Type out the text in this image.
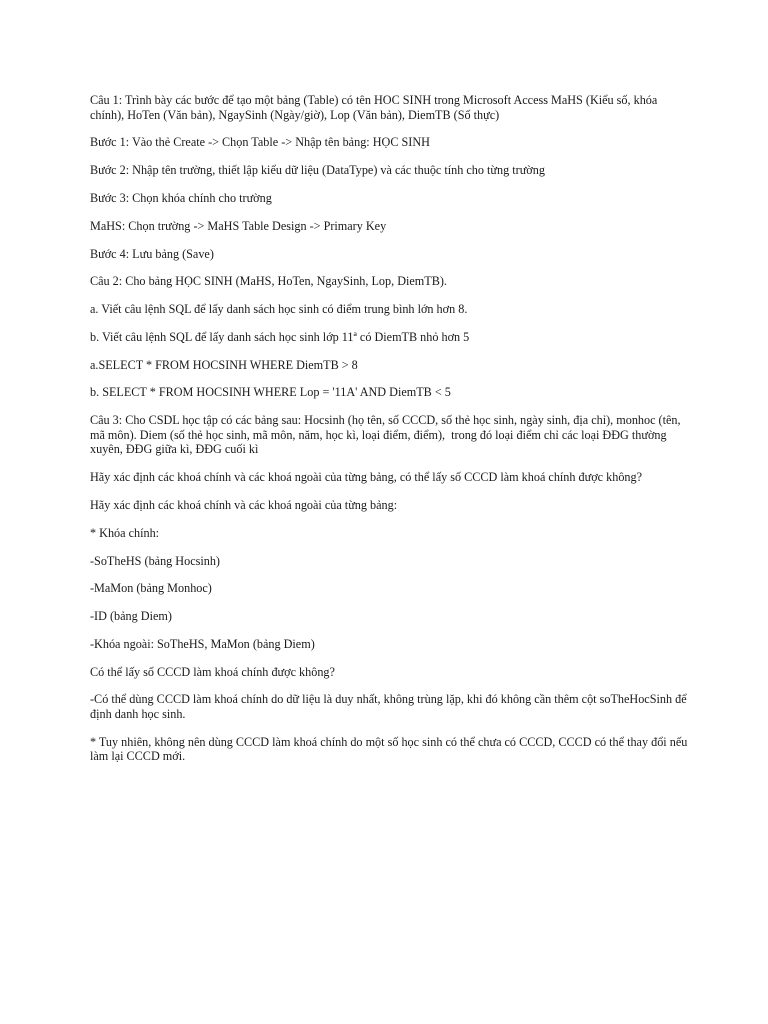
Câu 1: Trình bày các bước để tạo một bảng (Table) có tên HOC SINH trong Microsoft Access MaHS (Kiểu số, khóa chính), HoTen (Văn bản), NgaySinh (Ngày/giờ), Lop (Văn bản), DiemTB (Số thực)

Bước 1: Vào thẻ Create -> Chọn Table -> Nhập tên bảng: HỌC SINH

Bước 2: Nhập tên trường, thiết lập kiểu dữ liệu (DataType) và các thuộc tính cho từng trường

Bước 3: Chọn khóa chính cho trường

MaHS: Chọn trường -> MaHS Table Design -> Primary Key

Bước 4: Lưu bảng (Save)

Câu 2: Cho bảng HỌC SINH (MaHS, HoTen, NgaySinh, Lop, DiemTB).

a. Viết câu lệnh SQL để lấy danh sách học sinh có điểm trung bình lớn hơn 8.

b. Viết câu lệnh SQL để lấy danh sách học sinh lớp 11ª có DiemTB nhỏ hơn 5

a.SELECT * FROM HOCSINH WHERE DiemTB > 8

b. SELECT * FROM HOCSINH WHERE Lop = '11A' AND DiemTB < 5

Câu 3: Cho CSDL học tập có các bảng sau: Hocsinh (họ tên, số CCCD, số thẻ học sinh, ngày sinh, địa chỉ), monhoc (tên, mã môn). Diem (số thẻ học sinh, mã môn, năm, học kì, loại điểm, điểm),  trong đó loại điểm chỉ các loại ĐĐG thường xuyên, ĐĐG giữa kì, ĐĐG cuối kì

Hãy xác định các khoá chính và các khoá ngoài của từng bảng, có thể lấy số CCCD làm khoá chính được không?

Hãy xác định các khoá chính và các khoá ngoài của từng bảng:

* Khóa chính:

-SoTheHS (bảng Hocsinh)

-MaMon (bảng Monhoc)

-ID (bảng Diem)

-Khóa ngoài: SoTheHS, MaMon (bảng Diem)

Có thể lấy số CCCD làm khoá chính được không?

-Có thể dùng CCCD làm khoá chính do dữ liệu là duy nhất, không trùng lặp, khi đó không cần thêm cột soTheHocSinh để định danh học sinh.

* Tuy nhiên, không nên dùng CCCD làm khoá chính do một số học sinh có thể chưa có CCCD, CCCD có thể thay đổi nếu làm lại CCCD mới.
